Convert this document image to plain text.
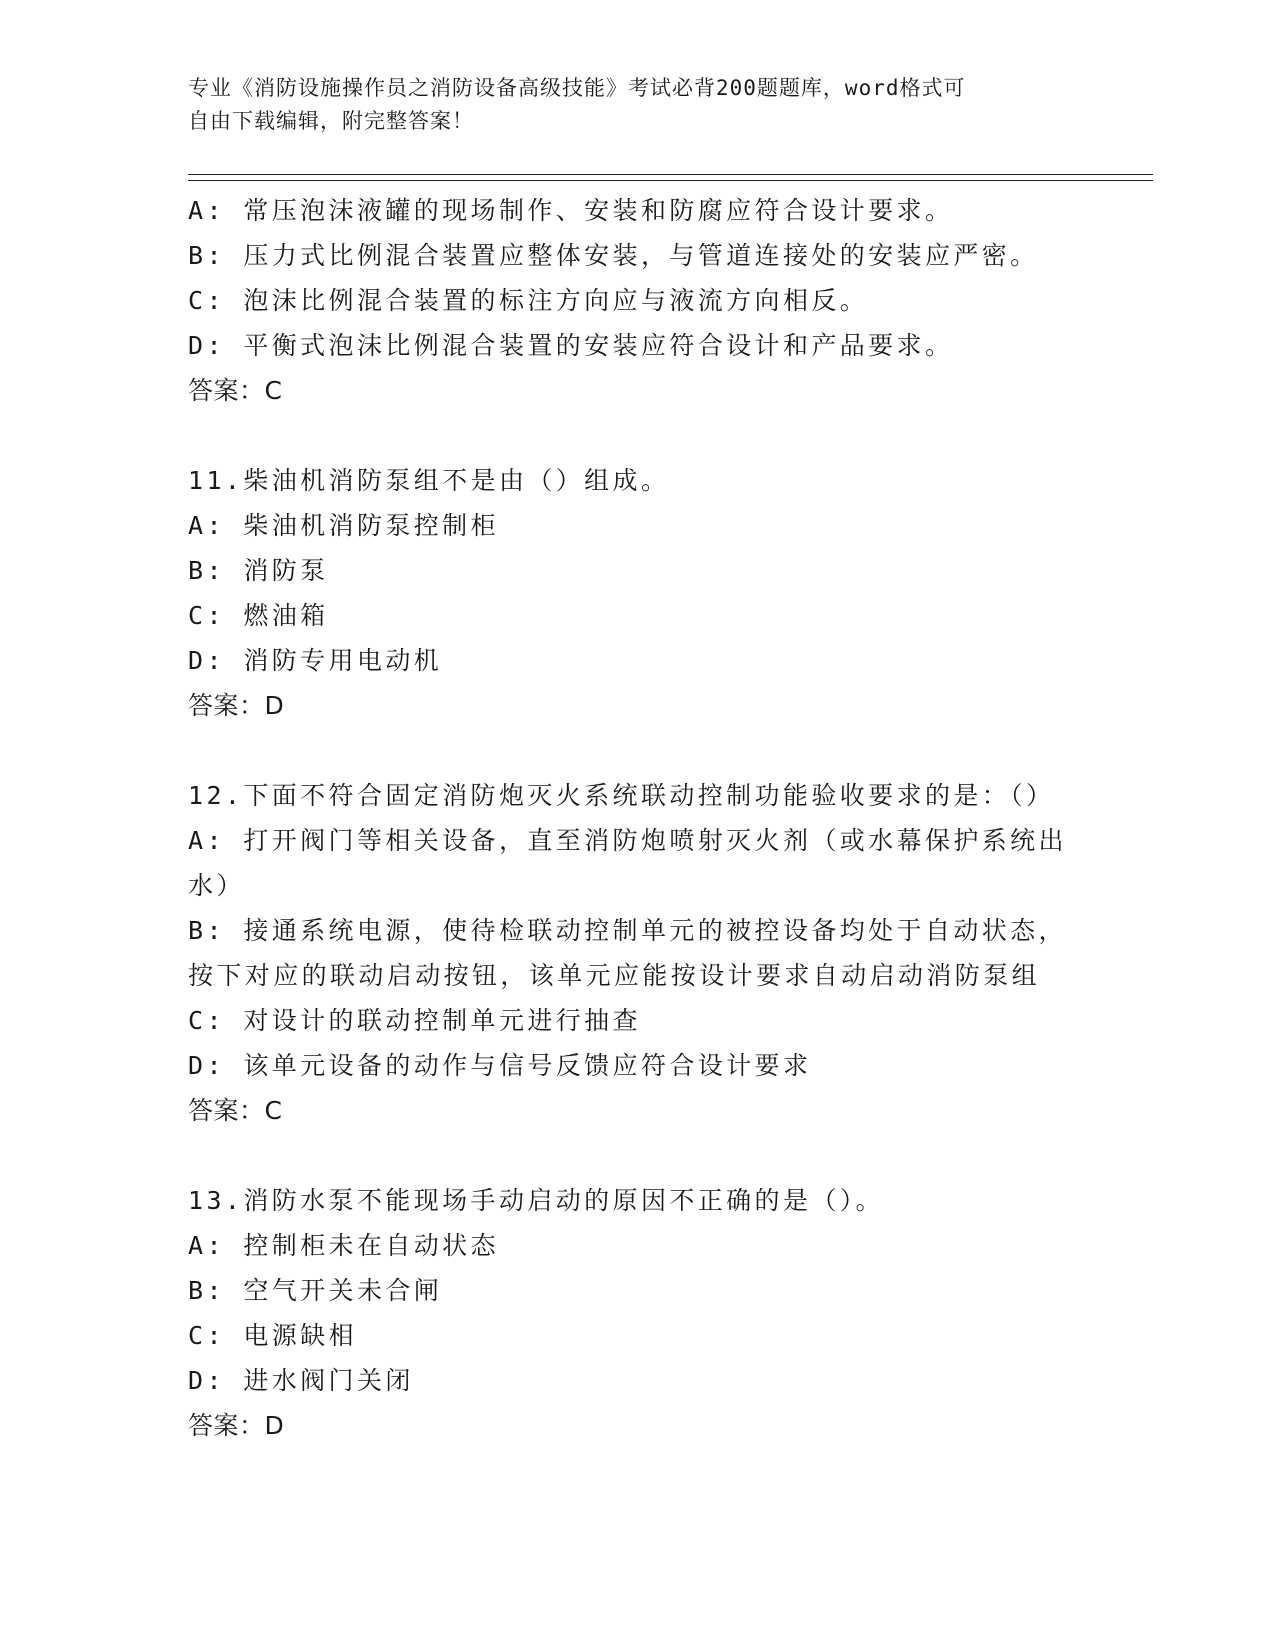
专业《消防设施操作员之消防设备高级技能》考试必背200题题库，word格式可
自由下载编辑，附完整答案！
A: 常压泡沫液罐的现场制作、安装和防腐应符合设计要求。
B: 压力式比例混合装置应整体安装，与管道连接处的安装应严密。
C: 泡沫比例混合装置的标注方向应与液流方向相反。
D: 平衡式泡沫比例混合装置的安装应符合设计和产品要求。
答案：C
11.柴油机消防泵组不是由（）组成。
A: 柴油机消防泵控制柜
B: 消防泵
C: 燃油箱
D: 消防专用电动机
答案：D
12.下面不符合固定消防炮灭火系统联动控制功能验收要求的是：（）
A: 打开阀门等相关设备，直至消防炮喷射灭火剂（或水幕保护系统出
水）
B: 接通系统电源，使待检联动控制单元的被控设备均处于自动状态，
按下对应的联动启动按钮，该单元应能按设计要求自动启动消防泵组
C: 对设计的联动控制单元进行抽查
D: 该单元设备的动作与信号反馈应符合设计要求
答案：C
13.消防水泵不能现场手动启动的原因不正确的是（）。
A: 控制柜未在自动状态
B: 空气开关未合闸
C: 电源缺相
D: 进水阀门关闭
答案：D
